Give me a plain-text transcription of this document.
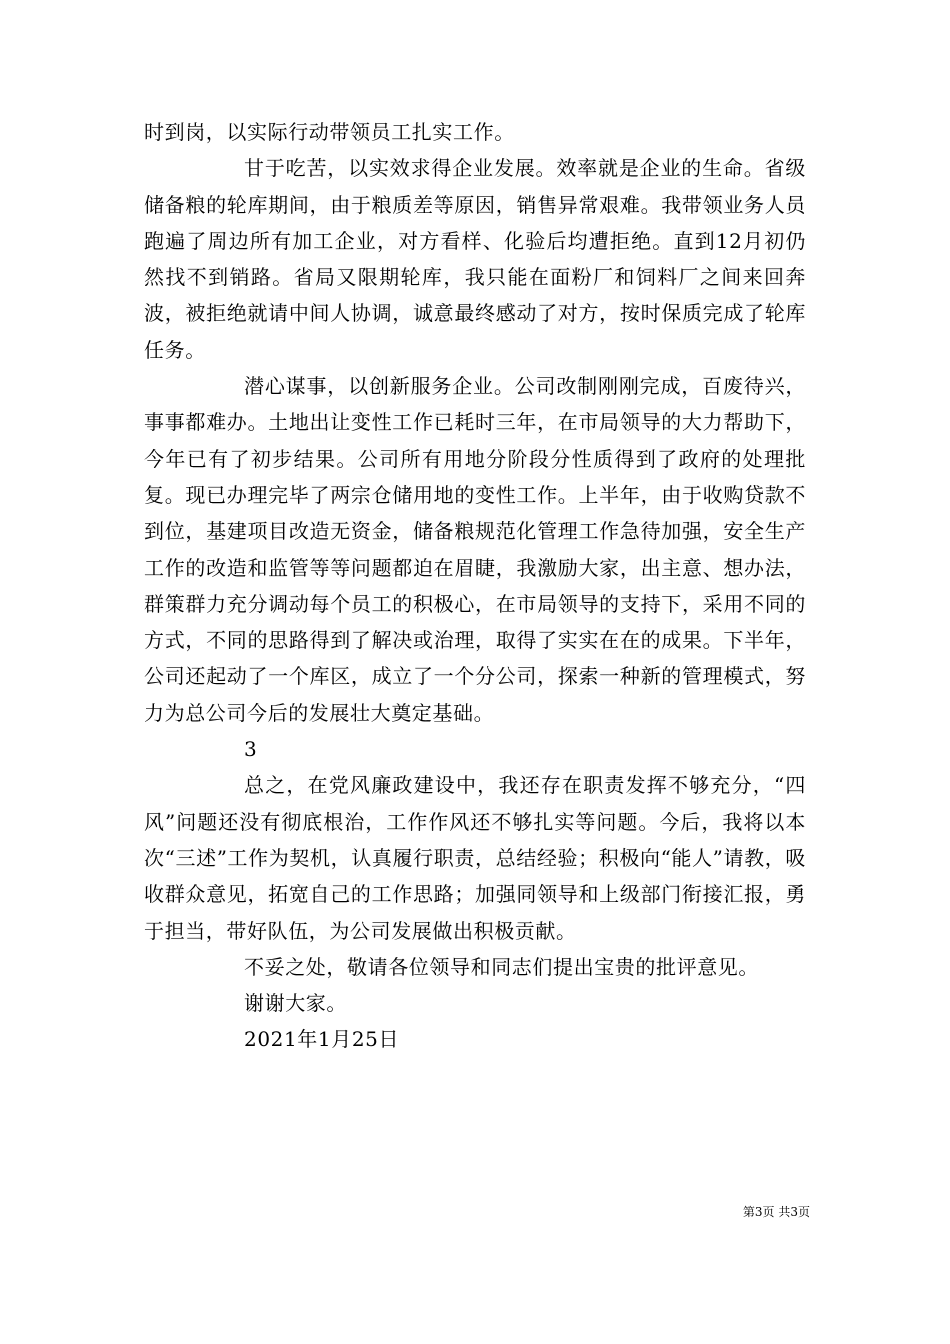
时到岗，以实际行动带领员工扎实工作。

甘于吃苦，以实效求得企业发展。效率就是企业的生命。省级储备粮的轮库期间，由于粮质差等原因，销售异常艰难。我带领业务人员跑遍了周边所有加工企业，对方看样、化验后均遭拒绝。直到12月初仍然找不到销路。省局又限期轮库，我只能在面粉厂和饲料厂之间来回奔波，被拒绝就请中间人协调，诚意最终感动了对方，按时保质完成了轮库任务。

潜心谋事，以创新服务企业。公司改制刚刚完成，百废待兴，事事都难办。土地出让变性工作已耗时三年，在市局领导的大力帮助下，今年已有了初步结果。公司所有用地分阶段分性质得到了政府的处理批复。现已办理完毕了两宗仓储用地的变性工作。上半年，由于收购贷款不到位，基建项目改造无资金，储备粮规范化管理工作急待加强，安全生产工作的改造和监管等等问题都迫在眉睫，我激励大家，出主意、想办法，群策群力充分调动每个员工的积极心，在市局领导的支持下，采用不同的方式，不同的思路得到了解决或治理，取得了实实在在的成果。下半年，公司还起动了一个库区，成立了一个分公司，探索一种新的管理模式，努力为总公司今后的发展壮大奠定基础。

3

总之，在党风廉政建设中，我还存在职责发挥不够充分，“四风”问题还没有彻底根治，工作作风还不够扎实等问题。今后，我将以本次“三述”工作为契机，认真履行职责，总结经验；积极向“能人”请教，吸收群众意见，拓宽自己的工作思路；加强同领导和上级部门衔接汇报，勇于担当，带好队伍，为公司发展做出积极贡献。

不妥之处，敬请各位领导和同志们提出宝贵的批评意见。

谢谢大家。

2021年1月25日

第3页 共3页
